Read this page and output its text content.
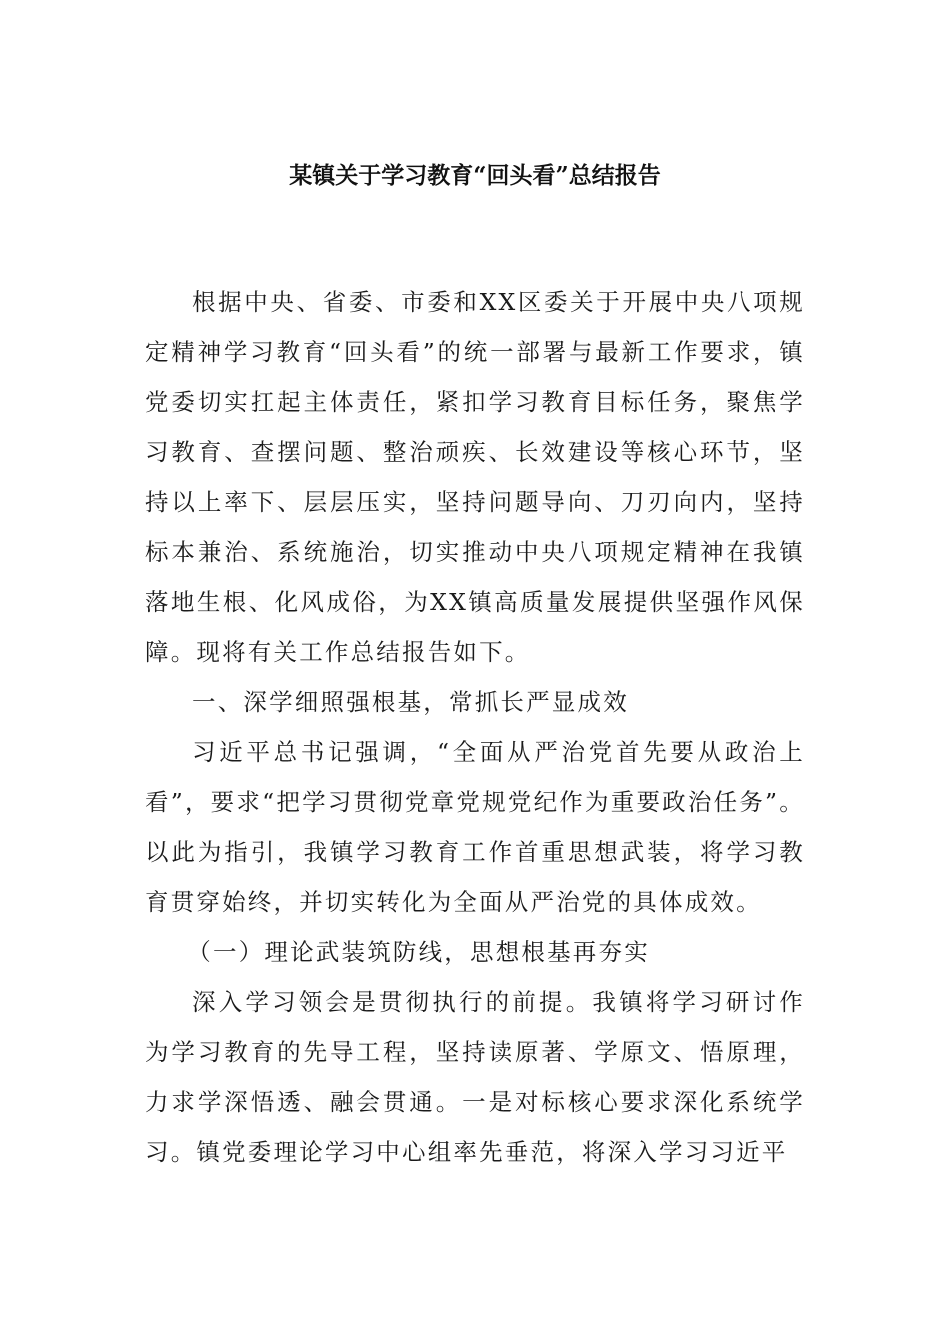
某镇关于学习教育“回头看”总结报告

根据中央、省委、市委和XX区委关于开展中央八项规定精神学习教育“回头看”的统一部署与最新工作要求，镇党委切实扛起主体责任，紧扣学习教育目标任务，聚焦学习教育、查摆问题、整治顽疾、长效建设等核心环节，坚持以上率下、层层压实，坚持问题导向、刀刃向内，坚持标本兼治、系统施治，切实推动中央八项规定精神在我镇落地生根、化风成俗，为XX镇高质量发展提供坚强作风保障。现将有关工作总结报告如下。

一、深学细照强根基，常抓长严显成效

习近平总书记强调，“全面从严治党首先要从政治上看”，要求“把学习贯彻党章党规党纪作为重要政治任务”。以此为指引，我镇学习教育工作首重思想武装，将学习教育贯穿始终，并切实转化为全面从严治党的具体成效。

（一）理论武装筑防线，思想根基再夯实

深入学习领会是贯彻执行的前提。我镇将学习研讨作为学习教育的先导工程，坚持读原著、学原文、悟原理，力求学深悟透、融会贯通。一是对标核心要求深化系统学习。镇党委理论学习中心组率先垂范，将深入学习习近平
